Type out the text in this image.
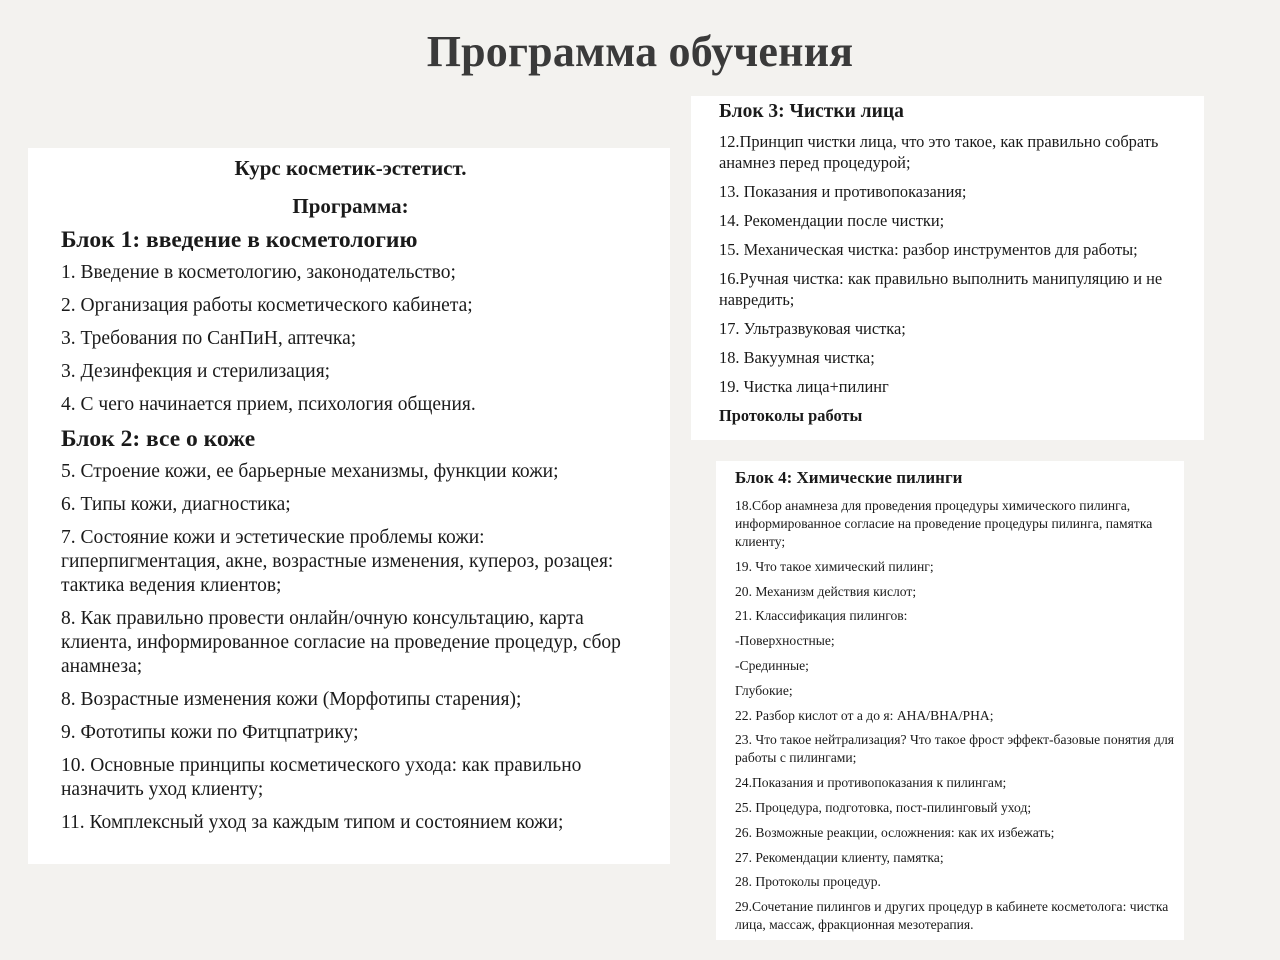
Программа обучения
Курс косметик-эстетист.
Программа:
Блок 1: введение в косметологию
1. Введение в косметологию, законодательство;
2. Организация работы косметического кабинета;
3. Требования по СанПиН, аптечка;
3. Дезинфекция и стерилизация;
4. С чего начинается прием, психология общения.
Блок 2: все о коже
5. Строение кожи, ее барьерные механизмы, функции кожи;
6. Типы кожи, диагностика;
7. Состояние кожи и эстетические проблемы кожи: гиперпигментация, акне, возрастные изменения, купероз, розацея: тактика ведения клиентов;
8. Как правильно провести онлайн/очную консультацию, карта клиента, информированное согласие на проведение процедур, сбор анамнеза;
8. Возрастные изменения кожи (Морфотипы старения);
9. Фототипы кожи по Фитцпатрику;
10. Основные принципы косметического ухода: как правильно назначить уход клиенту;
11. Комплексный уход за каждым типом и состоянием кожи;
Блок 3: Чистки лица
12.Принцип чистки лица, что это такое, как правильно собрать анамнез перед процедурой;
13. Показания и противопоказания;
14. Рекомендации после чистки;
15. Механическая чистка: разбор инструментов для работы;
16.Ручная чистка: как правильно выполнить манипуляцию и не навредить;
17. Ультразвуковая чистка;
18. Вакуумная чистка;
19. Чистка лица+пилинг
Протоколы работы
Блок 4: Химические пилинги
18.Сбор анамнеза для проведения процедуры химического пилинга, информированное согласие на проведение процедуры пилинга, памятка клиенту;
19. Что такое химический пилинг;
20. Механизм действия кислот;
21. Классификация пилингов:
-Поверхностные;
-Срединные;
Глубокие;
22. Разбор кислот от а до я: AHA/BHA/PHA;
23. Что такое нейтрализация? Что такое фрост эффект-базовые понятия для работы с пилингами;
24.Показания и противопоказания к пилингам;
25. Процедура, подготовка, пост-пилинговый уход;
26. Возможные реакции, осложнения: как их избежать;
27. Рекомендации клиенту, памятка;
28. Протоколы процедур.
29.Сочетание пилингов и других процедур в кабинете косметолога: чистка лица, массаж, фракционная мезотерапия.
